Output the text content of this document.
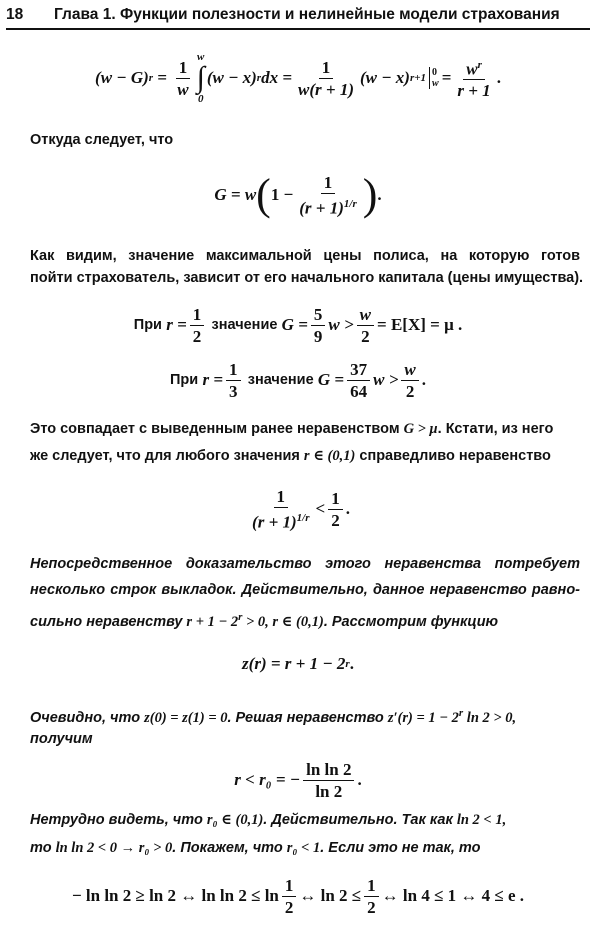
18	Глава 1. Функции полезности и нелинейные модели страхования
(w − G) $r = \frac{1}{w}$
w
∫
0
(w − x) r dx = $\frac{1}{w(r + 1)} (w - x)$ r+1 0
$w = \frac{w^r}{r + 1}$ .
Откуда следует, что
G = w ( $1 - \frac{1}{(r + 1)^{1/r}}$ ) .
Как видим, значение максимальной цены полиса, на которую готов
пойти страхователь, зависит от его начального капитала (цены имущества).
При
$r = \frac{1}{2}$
значение
$G = \frac{5}{9}$ $w > \frac{w}{2} = E[X] = \mu$ .
При
$r = \frac{1}{3}$
значение
$G = \frac{37}{64}$ $w > \frac{w}{2}$ .
Это совпадает с выведенным ранее неравенством G > μ. Кстати, из него
же следует, что для любого значения r ∈ (0,1) справедливо неравенство
$\frac{1}{(r + 1)^{1/r}} < \frac{1}{2}$ .
Непосредственное доказательство этого неравенства потребует
несколько строк выкладок. Действительно, данное неравенство равно-
сильно неравенству $r + 1 - 2^r > 0$, r ∈ (0,1). Рассмотрим функцию
z(r) = r + 1 − 2 r .
Очевидно, что z(0) = z(1) = 0. Решая неравенство $z'(r) = 1 - 2^r$ ln 2 > 0,
получим
r < r₀ = − $\frac{\text{ln ln 2}}{\ln 2}$ .
Нетрудно видеть, что r₀ ∈ (0,1). Действительно. Так как ln 2 < 1,
то ln ln 2 < 0 → r₀ > 0. Покажем, что r₀ < 1. Если это не так, то
− ln ln 2 ≥ ln 2 ↔ $\ln \ln 2 \le \ln \frac{1}{2}$ ↔ $\ln 2 \le \frac{1}{2}$ ↔ ln 4 ≤ 1 ↔ 4 ≤ e .
